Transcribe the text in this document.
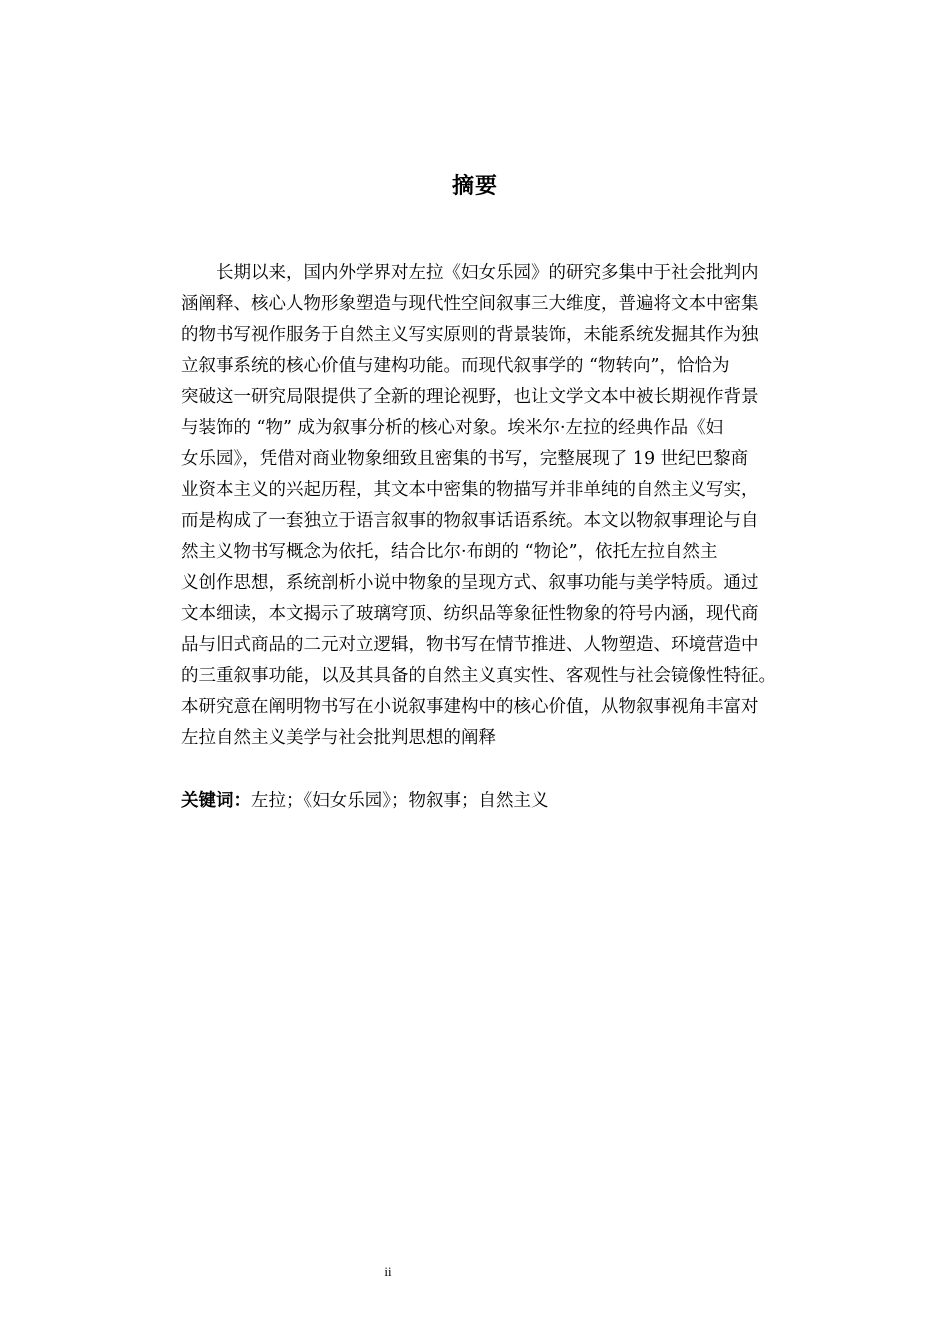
摘要
长期以来，国内外学界对左拉《妇女乐园》的研究多集中于社会批判内
涵阐释、核心人物形象塑造与现代性空间叙事三大维度，普遍将文本中密集
的物书写视作服务于自然主义写实原则的背景装饰，未能系统发掘其作为独
立叙事系统的核心价值与建构功能。而现代叙事学的 “物转向”，恰恰为
突破这一研究局限提供了全新的理论视野，也让文学文本中被长期视作背景
与装饰的 “物” 成为叙事分析的核心对象。埃米尔·左拉的经典作品《妇
女乐园》，凭借对商业物象细致且密集的书写，完整展现了 19 世纪巴黎商
业资本主义的兴起历程，其文本中密集的物描写并非单纯的自然主义写实，
而是构成了一套独立于语言叙事的物叙事话语系统。本文以物叙事理论与自
然主义物书写概念为依托，结合比尔·布朗的 “物论”，依托左拉自然主
义创作思想，系统剖析小说中物象的呈现方式、叙事功能与美学特质。通过
文本细读，本文揭示了玻璃穹顶、纺织品等象征性物象的符号内涵，现代商
品与旧式商品的二元对立逻辑，物书写在情节推进、人物塑造、环境营造中
的三重叙事功能，以及其具备的自然主义真实性、客观性与社会镜像性特征。
本研究意在阐明物书写在小说叙事建构中的核心价值，从物叙事视角丰富对
左拉自然主义美学与社会批判思想的阐释
关键词：左拉；《妇女乐园》；物叙事；自然主义
ii
